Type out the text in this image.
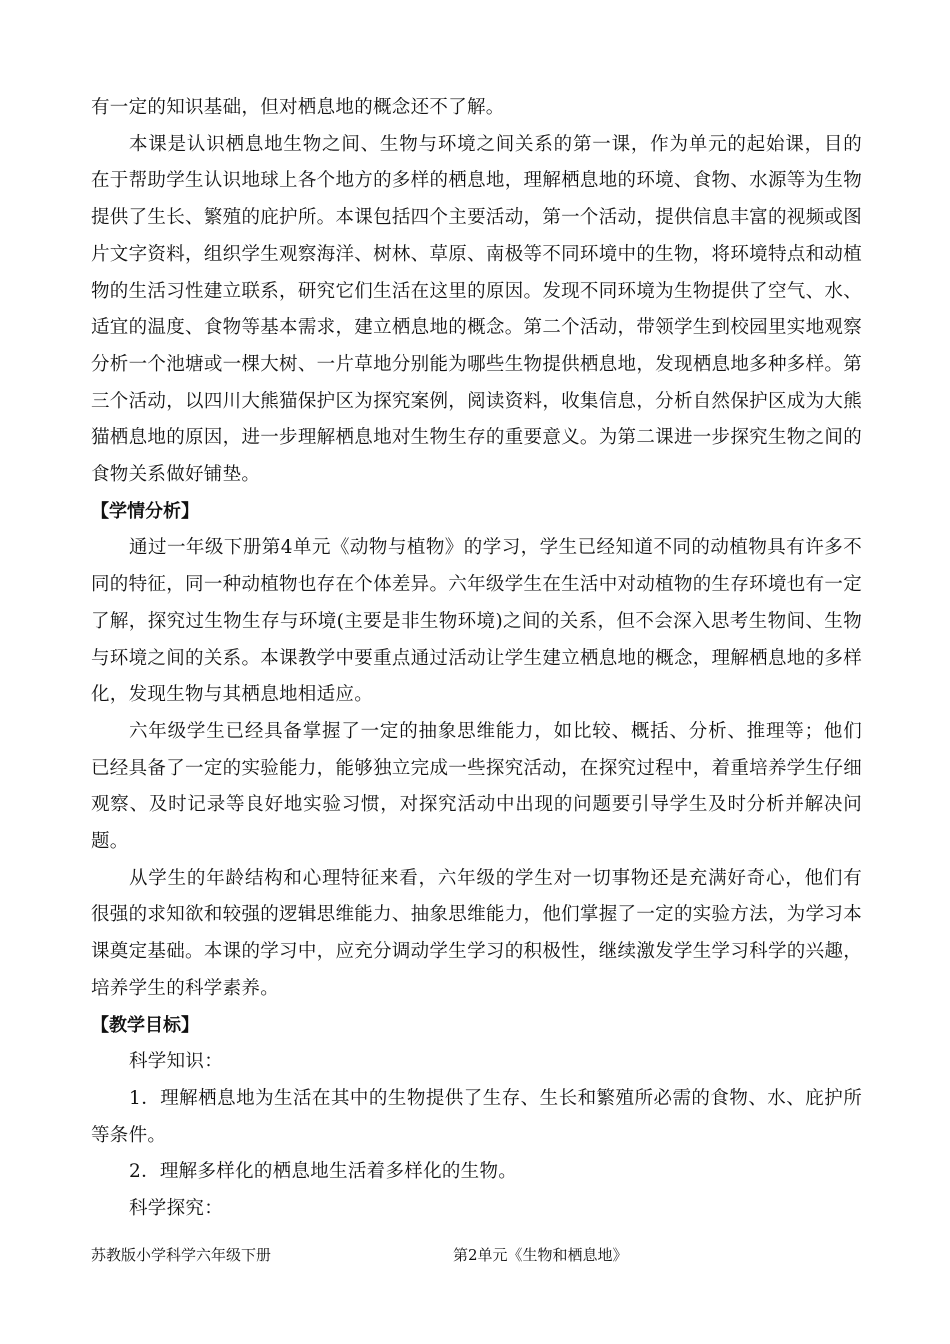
有一定的知识基础，但对栖息地的概念还不了解。

本课是认识栖息地生物之间、生物与环境之间关系的第一课，作为单元的起始课，目的在于帮助学生认识地球上各个地方的多样的栖息地，理解栖息地的环境、食物、水源等为生物提供了生长、繁殖的庇护所。本课包括四个主要活动，第一个活动，提供信息丰富的视频或图片文字资料，组织学生观察海洋、树林、草原、南极等不同环境中的生物，将环境特点和动植物的生活习性建立联系，研究它们生活在这里的原因。发现不同环境为生物提供了空气、水、适宜的温度、食物等基本需求，建立栖息地的概念。第二个活动，带领学生到校园里实地观察分析一个池塘或一棵大树、一片草地分别能为哪些生物提供栖息地，发现栖息地多种多样。第三个活动，以四川大熊猫保护区为探究案例，阅读资料，收集信息，分析自然保护区成为大熊猫栖息地的原因，进一步理解栖息地对生物生存的重要意义。为第二课进一步探究生物之间的食物关系做好铺垫。

【学情分析】

通过一年级下册第4单元《动物与植物》的学习，学生已经知道不同的动植物具有许多不同的特征，同一种动植物也存在个体差异。六年级学生在生活中对动植物的生存环境也有一定了解，探究过生物生存与环境(主要是非生物环境)之间的关系，但不会深入思考生物间、生物与环境之间的关系。本课教学中要重点通过活动让学生建立栖息地的概念，理解栖息地的多样化，发现生物与其栖息地相适应。

六年级学生已经具备掌握了一定的抽象思维能力，如比较、概括、分析、推理等；他们已经具备了一定的实验能力，能够独立完成一些探究活动，在探究过程中，着重培养学生仔细观察、及时记录等良好地实验习惯，对探究活动中出现的问题要引导学生及时分析并解决问题。

从学生的年龄结构和心理特征来看，六年级的学生对一切事物还是充满好奇心，他们有很强的求知欲和较强的逻辑思维能力、抽象思维能力，他们掌握了一定的实验方法，为学习本课奠定基础。本课的学习中，应充分调动学生学习的积极性，继续激发学生学习科学的兴趣，培养学生的科学素养。

【教学目标】

科学知识：

1．理解栖息地为生活在其中的生物提供了生存、生长和繁殖所必需的食物、水、庇护所等条件。

2．理解多样化的栖息地生活着多样化的生物。

科学探究：

苏教版小学科学六年级下册	第2单元《生物和栖息地》
